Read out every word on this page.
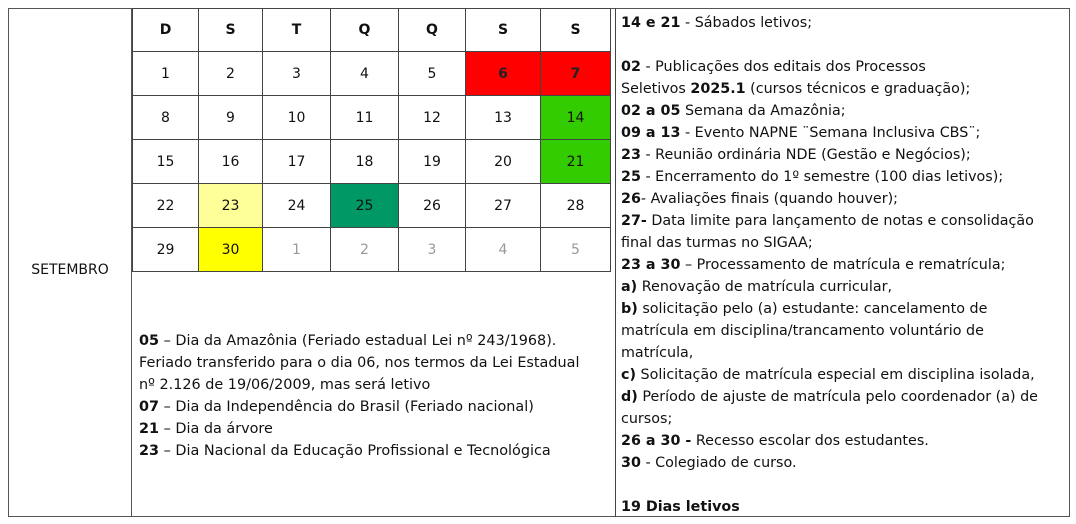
SETEMBRO
D	S	T	Q	Q	S	S
1	2	3	4	5	6	7
8	9	10	11	12	13	14
15	16	17	18	19	20	21
22	23	24	25	26	27	28
29	30	1	2	3	4	5
05 – Dia da Amazônia (Feriado estadual Lei nº 243/1968).
Feriado transferido para o dia 06, nos termos da Lei Estadual
nº 2.126 de 19/06/2009, mas será letivo
07 – Dia da Independência do Brasil (Feriado nacional)
21 – Dia da árvore
23 – Dia Nacional da Educação Profissional e Tecnológica
14 e 21 - Sábados letivos;
02 - Publicações dos editais dos Processos
Seletivos 2025.1 (cursos técnicos e graduação);
02 a 05 Semana da Amazônia;
09 a 13 - Evento NAPNE ¨Semana Inclusiva CBS¨;
23 - Reunião ordinária NDE (Gestão e Negócios);
25 - Encerramento do 1º semestre (100 dias letivos);
26- Avaliações finais (quando houver);
27- Data limite para lançamento de notas e consolidação
final das turmas no SIGAA;
23 a 30 – Processamento de matrícula e rematrícula;
a) Renovação de matrícula curricular,
b) solicitação pelo (a) estudante: cancelamento de
matrícula em disciplina/trancamento voluntário de
matrícula,
c) Solicitação de matrícula especial em disciplina isolada,
d) Período de ajuste de matrícula pelo coordenador (a) de
cursos;
26 a 30 - Recesso escolar dos estudantes.
30 - Colegiado de curso.
19 Dias letivos
